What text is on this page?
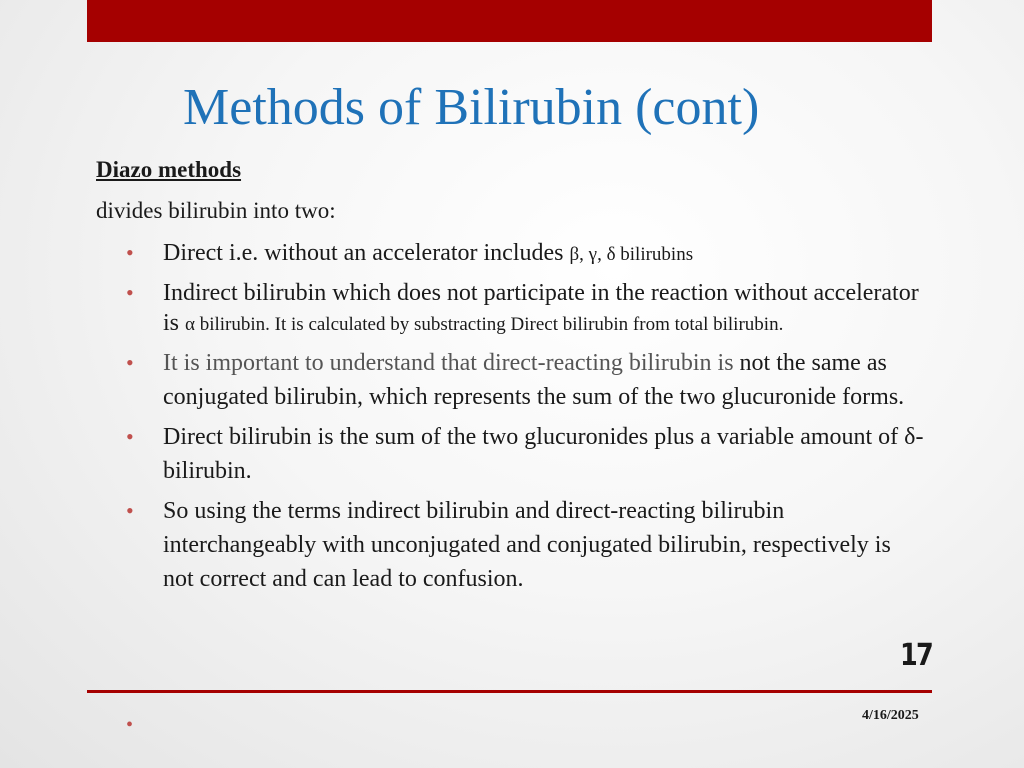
Methods of Bilirubin (cont)
Diazo methods
divides bilirubin into two:
• Direct i.e. without an accelerator includes β, γ, δ bilirubins
• Indirect bilirubin which does not participate in the reaction without accelerator is α bilirubin. It is calculated by substracting Direct bilirubin from total bilirubin.
• It is important to understand that direct-reacting bilirubin is not the same as conjugated bilirubin, which represents the sum of the two glucuronide forms.
• Direct bilirubin is the sum of the two glucuronides plus a variable amount of δ-bilirubin.
• So using the terms indirect bilirubin and direct-reacting bilirubin interchangeably with unconjugated and conjugated bilirubin, respectively is not correct and can lead to confusion.
17
4/16/2025
•
